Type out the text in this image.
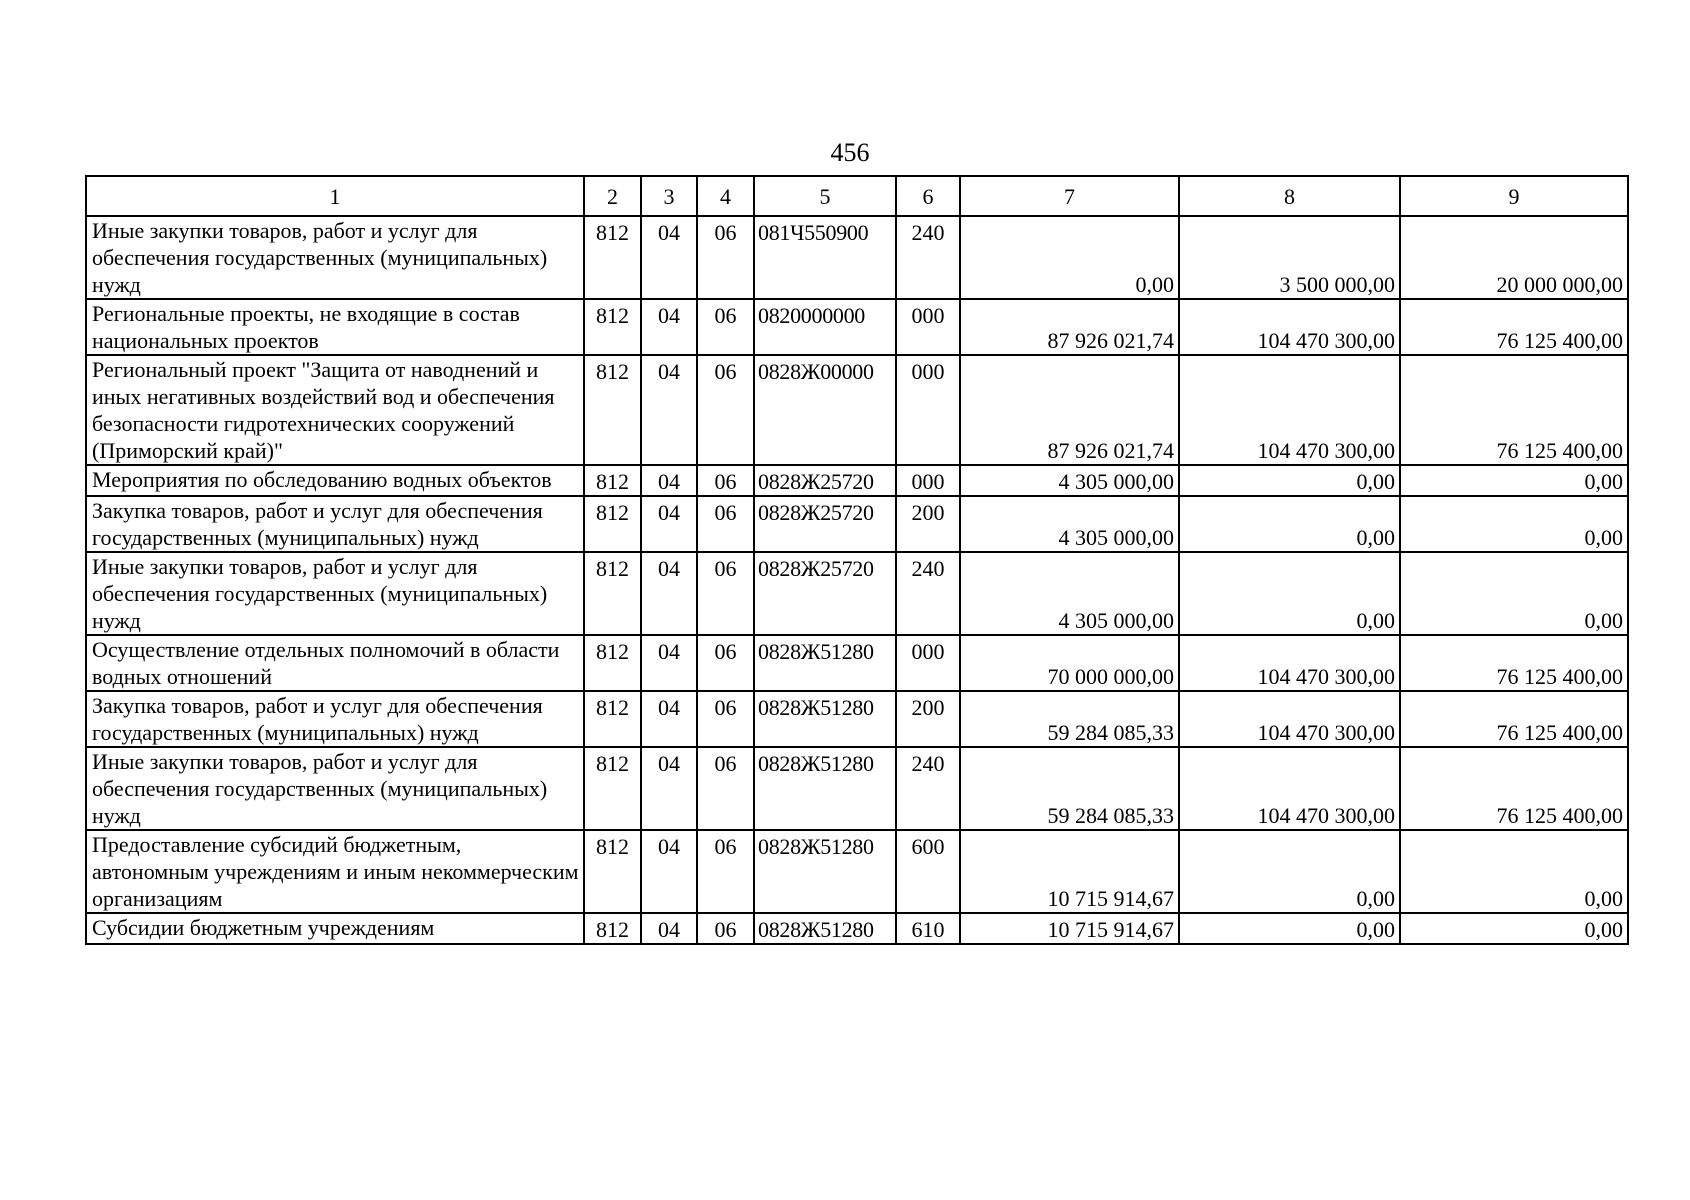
456
1	2	3	4	5	6	7	8	9
Иные закупки товаров, работ и услуг для обеспечения государственных (муниципальных) нужд	812	04	06	081Ч550900	240	0,00	3 500 000,00	20 000 000,00
Региональные проекты, не входящие в состав национальных проектов	812	04	06	0820000000	000	87 926 021,74	104 470 300,00	76 125 400,00
Региональный проект "Защита от наводнений и иных негативных воздействий вод и обеспечения безопасности гидротехнических сооружений (Приморский край)"	812	04	06	0828Ж00000	000	87 926 021,74	104 470 300,00	76 125 400,00
Мероприятия по обследованию водных объектов	812	04	06	0828Ж25720	000	4 305 000,00	0,00	0,00
Закупка товаров, работ и услуг для обеспечения государственных (муниципальных) нужд	812	04	06	0828Ж25720	200	4 305 000,00	0,00	0,00
Иные закупки товаров, работ и услуг для обеспечения государственных (муниципальных) нужд	812	04	06	0828Ж25720	240	4 305 000,00	0,00	0,00
Осуществление отдельных полномочий в области водных отношений	812	04	06	0828Ж51280	000	70 000 000,00	104 470 300,00	76 125 400,00
Закупка товаров, работ и услуг для обеспечения государственных (муниципальных) нужд	812	04	06	0828Ж51280	200	59 284 085,33	104 470 300,00	76 125 400,00
Иные закупки товаров, работ и услуг для обеспечения государственных (муниципальных) нужд	812	04	06	0828Ж51280	240	59 284 085,33	104 470 300,00	76 125 400,00
Предоставление субсидий бюджетным, автономным учреждениям и иным некоммерческим организациям	812	04	06	0828Ж51280	600	10 715 914,67	0,00	0,00
Субсидии бюджетным учреждениям	812	04	06	0828Ж51280	610	10 715 914,67	0,00	0,00
